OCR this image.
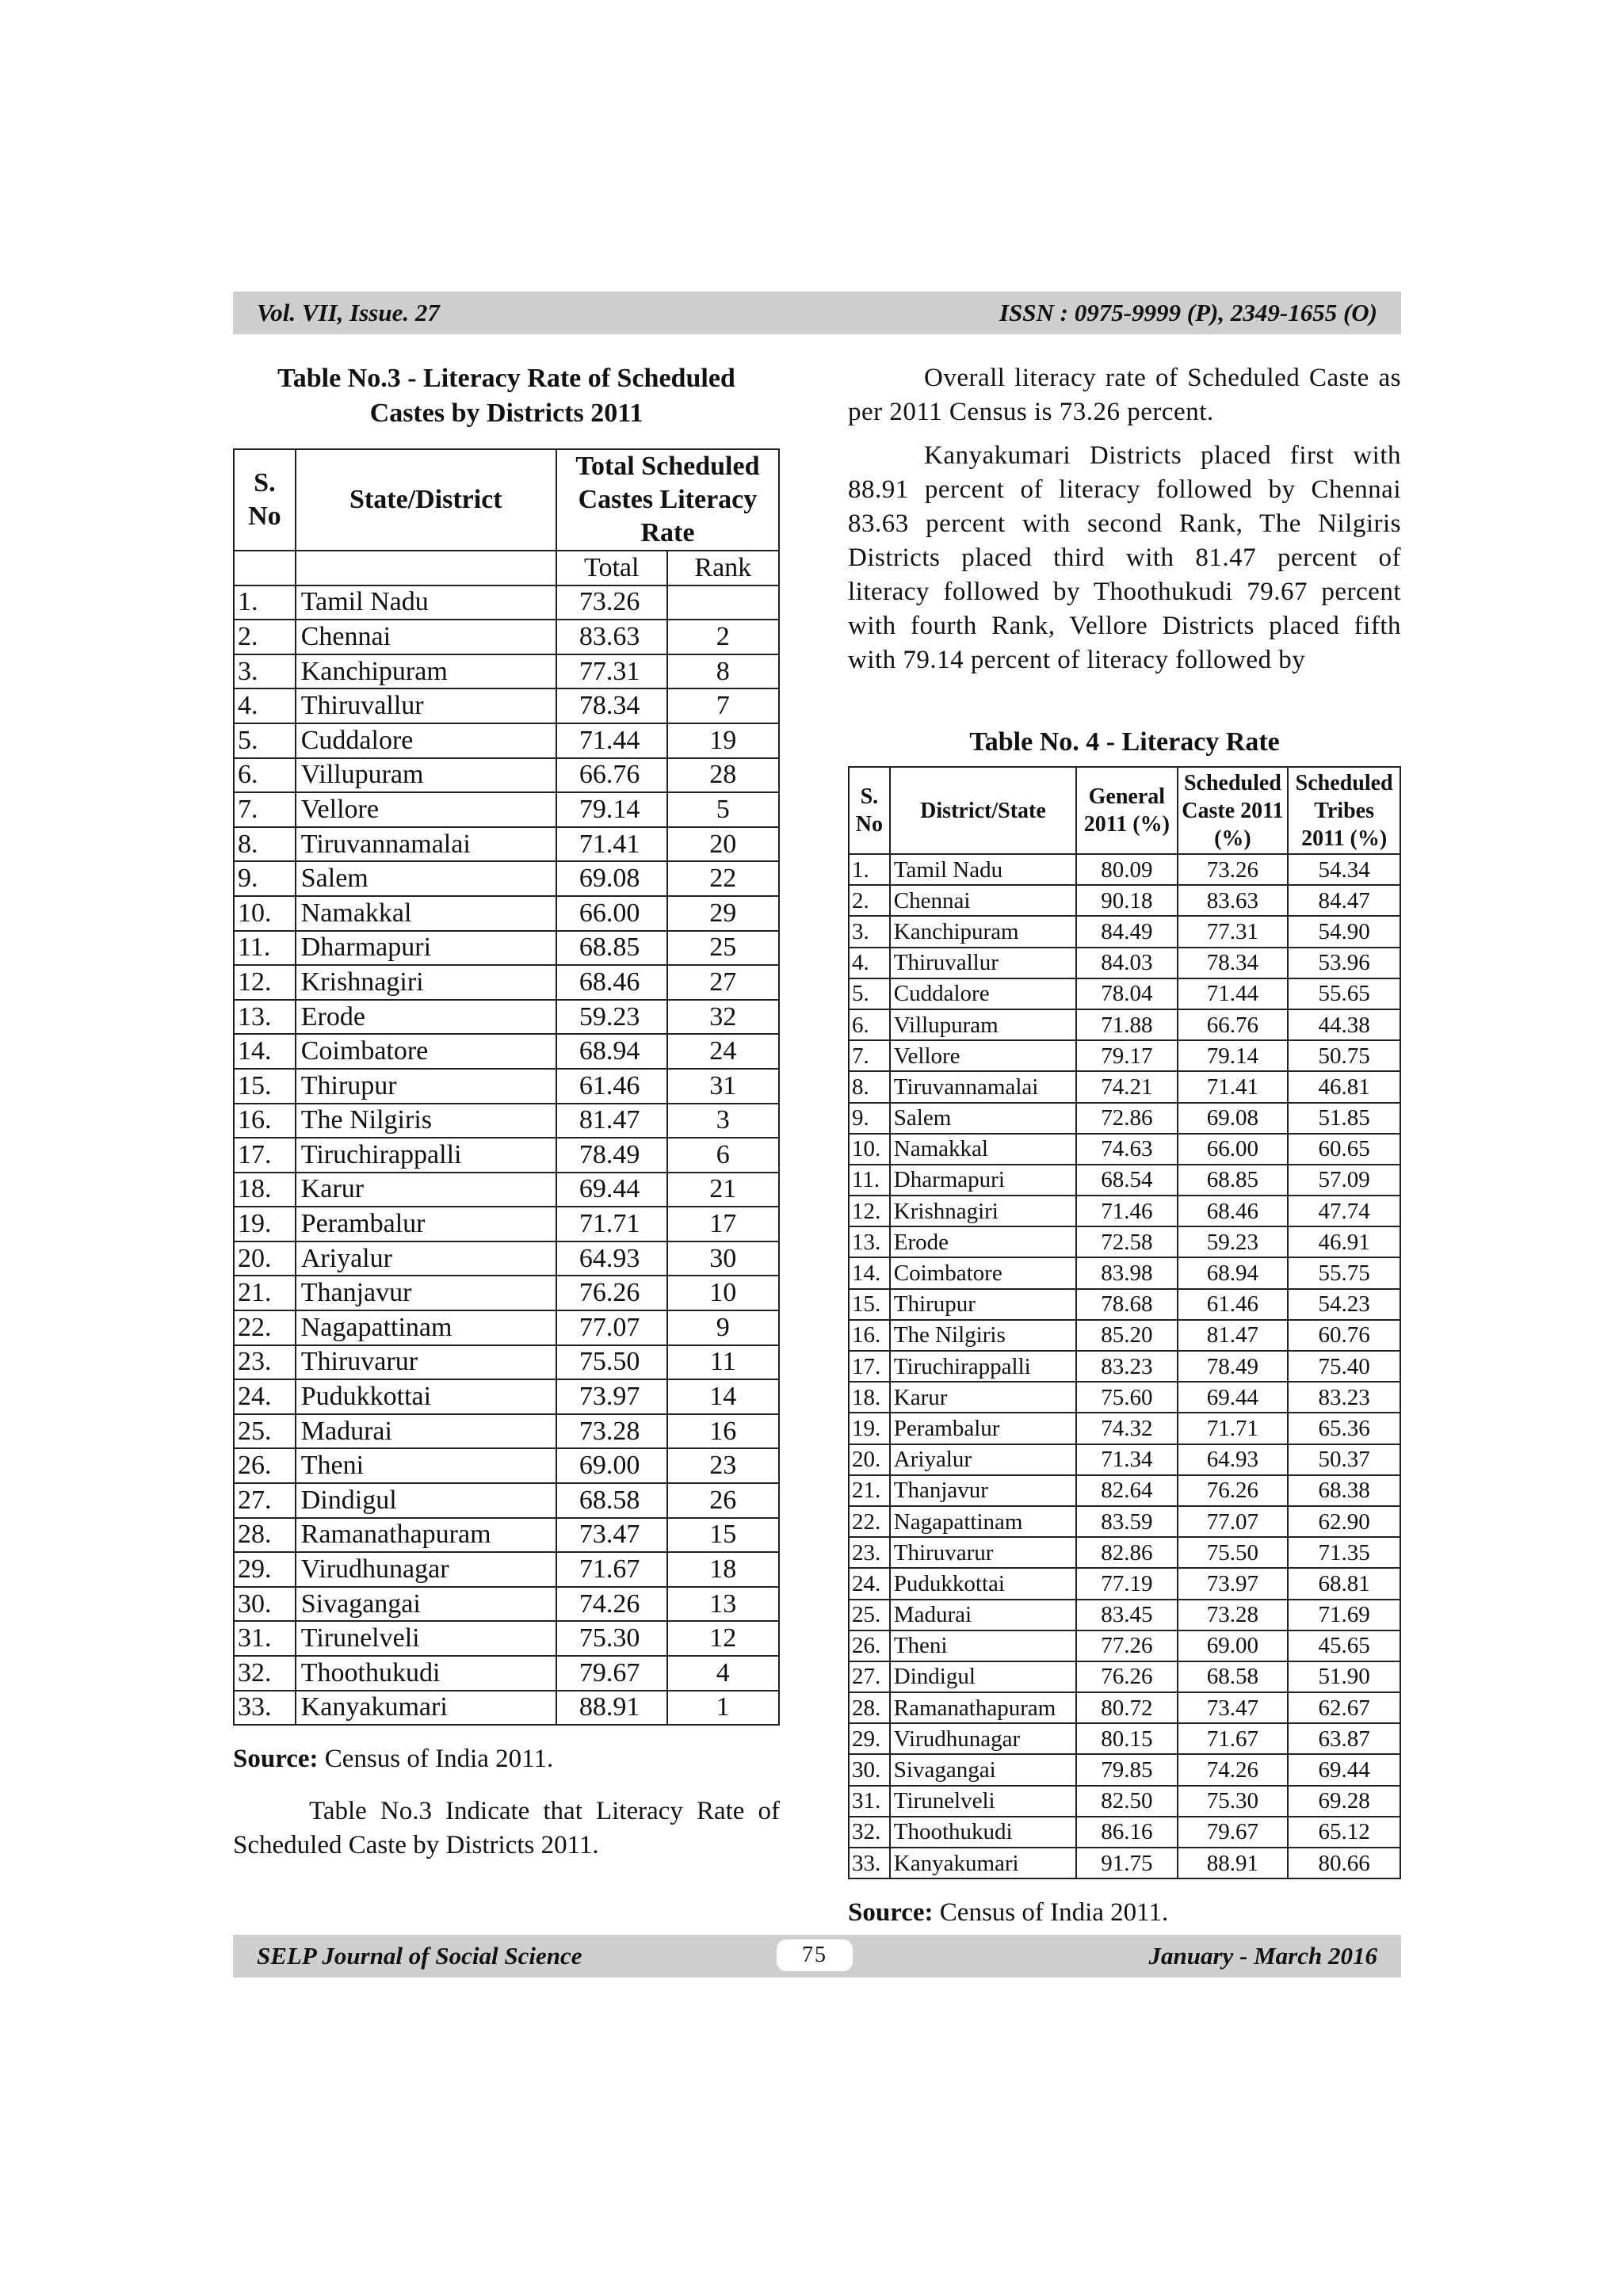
Vol. VII, Issue. 27	ISSN : 0975-9999 (P), 2349-1655 (O)
Table No.3 - Literacy Rate of Scheduled
Castes by Districts 2011
S. No	State/District	Total Scheduled Castes Literacy Rate	
		Total	Rank
1.	Tamil Nadu	73.26	
2.	Chennai	83.63	2
3.	Kanchipuram	77.31	8
4.	Thiruvallur	78.34	7
5.	Cuddalore	71.44	19
6.	Villupuram	66.76	28
7.	Vellore	79.14	5
8.	Tiruvannamalai	71.41	20
9.	Salem	69.08	22
10.	Namakkal	66.00	29
11.	Dharmapuri	68.85	25
12.	Krishnagiri	68.46	27
13.	Erode	59.23	32
14.	Coimbatore	68.94	24
15.	Thirupur	61.46	31
16.	The Nilgiris	81.47	3
17.	Tiruchirappalli	78.49	6
18.	Karur	69.44	21
19.	Perambalur	71.71	17
20.	Ariyalur	64.93	30
21.	Thanjavur	76.26	10
22.	Nagapattinam	77.07	9
23.	Thiruvarur	75.50	11
24.	Pudukkottai	73.97	14
25.	Madurai	73.28	16
26.	Theni	69.00	23
27.	Dindigul	68.58	26
28.	Ramanathapuram	73.47	15
29.	Virudhunagar	71.67	18
30.	Sivagangai	74.26	13
31.	Tirunelveli	75.30	12
32.	Thoothukudi	79.67	4
33.	Kanyakumari	88.91	1
Source: Census of India 2011.

Table No.3 Indicate that Literacy Rate of Scheduled Caste by Districts 2011.

Overall literacy rate of Scheduled Caste as per 2011 Census is 73.26 percent.

Kanyakumari Districts placed first with 88.91 percent of literacy followed by Chennai 83.63 percent with second Rank, The Nilgiris Districts placed third with 81.47 percent of literacy followed by Thoothukudi 79.67 percent with fourth Rank, Vellore Districts placed fifth with 79.14 percent of literacy followed by

Table No. 4 - Literacy Rate
S. No	District/State	General 2011 (%)	Scheduled Caste 2011 (%)	Scheduled Tribes 2011 (%)
1.	Tamil Nadu	80.09	73.26	54.34
2.	Chennai	90.18	83.63	84.47
3.	Kanchipuram	84.49	77.31	54.90
4.	Thiruvallur	84.03	78.34	53.96
5.	Cuddalore	78.04	71.44	55.65
6.	Villupuram	71.88	66.76	44.38
7.	Vellore	79.17	79.14	50.75
8.	Tiruvannamalai	74.21	71.41	46.81
9.	Salem	72.86	69.08	51.85
10.	Namakkal	74.63	66.00	60.65
11.	Dharmapuri	68.54	68.85	57.09
12.	Krishnagiri	71.46	68.46	47.74
13.	Erode	72.58	59.23	46.91
14.	Coimbatore	83.98	68.94	55.75
15.	Thirupur	78.68	61.46	54.23
16.	The Nilgiris	85.20	81.47	60.76
17.	Tiruchirappalli	83.23	78.49	75.40
18.	Karur	75.60	69.44	83.23
19.	Perambalur	74.32	71.71	65.36
20.	Ariyalur	71.34	64.93	50.37
21.	Thanjavur	82.64	76.26	68.38
22.	Nagapattinam	83.59	77.07	62.90
23.	Thiruvarur	82.86	75.50	71.35
24.	Pudukkottai	77.19	73.97	68.81
25.	Madurai	83.45	73.28	71.69
26.	Theni	77.26	69.00	45.65
27.	Dindigul	76.26	68.58	51.90
28.	Ramanathapuram	80.72	73.47	62.67
29.	Virudhunagar	80.15	71.67	63.87
30.	Sivagangai	79.85	74.26	69.44
31.	Tirunelveli	82.50	75.30	69.28
32.	Thoothukudi	86.16	79.67	65.12
33.	Kanyakumari	91.75	88.91	80.66
Source: Census of India 2011.
SELP Journal of Social Science	January - March 2016
75
